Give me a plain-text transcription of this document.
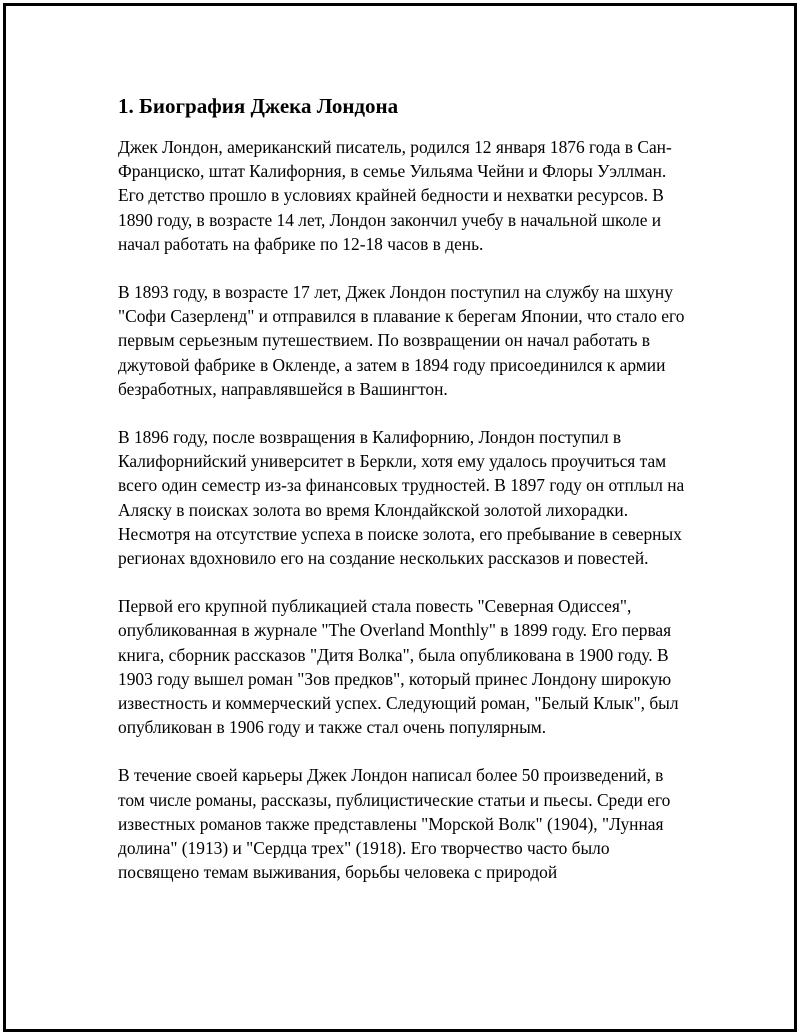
1. Биография Джека Лондона

Джек Лондон, американский писатель, родился 12 января 1876 года в Сан-Франциско, штат Калифорния, в семье Уильяма Чейни и Флоры Уэллман. Его детство прошло в условиях крайней бедности и нехватки ресурсов. В 1890 году, в возрасте 14 лет, Лондон закончил учебу в начальной школе и начал работать на фабрике по 12-18 часов в день.

В 1893 году, в возрасте 17 лет, Джек Лондон поступил на службу на шхуну "Софи Сазерленд" и отправился в плавание к берегам Японии, что стало его первым серьезным путешествием. По возвращении он начал работать в джутовой фабрике в Окленде, а затем в 1894 году присоединился к армии безработных, направлявшейся в Вашингтон.

В 1896 году, после возвращения в Калифорнию, Лондон поступил в Калифорнийский университет в Беркли, хотя ему удалось проучиться там всего один семестр из-за финансовых трудностей. В 1897 году он отплыл на Аляску в поисках золота во время Клондайкской золотой лихорадки. Несмотря на отсутствие успеха в поиске золота, его пребывание в северных регионах вдохновило его на создание нескольких рассказов и повестей.

Первой его крупной публикацией стала повесть "Северная Одиссея", опубликованная в журнале "The Overland Monthly" в 1899 году. Его первая книга, сборник рассказов "Дитя Волка", была опубликована в 1900 году. В 1903 году вышел роман "Зов предков", который принес Лондону широкую известность и коммерческий успех. Следующий роман, "Белый Клык", был опубликован в 1906 году и также стал очень популярным.

В течение своей карьеры Джек Лондон написал более 50 произведений, в том числе романы, рассказы, публицистические статьи и пьесы. Среди его известных романов также представлены "Морской Волк" (1904), "Лунная долина" (1913) и "Сердца трех" (1918). Его творчество часто было посвящено темам выживания, борьбы человека с природой
